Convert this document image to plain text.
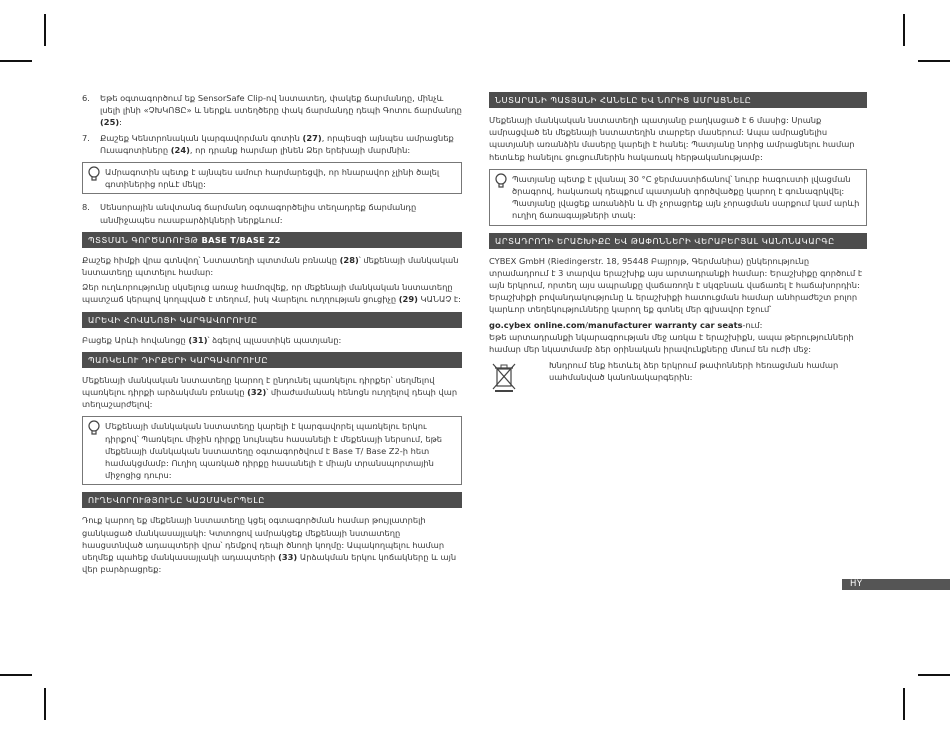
6.	Եթե օգտագործում եք SensorSafe Clip-ով նստատեղ, փակեք ճարմանդը, մինչև լսելի լինի «ՉԽԿՈՑԸ» և ներքև ստեղծերը փակ ճարմանդը դեպի Գոտու ճարմանդը (25):
7.	Քաշեք Կենտրոնական կարգավորման գոտին (27), որպեսզի այնպես ամրացնեք Ուսագոտիները (24), որ դրանք հարմար լինեն Ձեր երեխայի մարմնին:
Ամրագոտին պետք է այնպես ամուր հարմարեցվի, որ հնարավոր չլինի ծալել գոտիներից որևէ մեկը:
8.	Սենսորային անվտանգ ճարմանդ օգտագործելիս տեղադրեք ճարմանդը անմիջապես ուսաբարձիկների ներքևում:
ՊՏՏՄԱՆ ԳՈՐԾԱՌՈՒՅԹ BASE T/BASE Z2

Քաշեք հիմքի վրա գտնվող՝ Նստատեղի պտտման բռնակը (28)՝ մեքենայի մանկական նստատեղը պտտելու համար:

Ձեր ուղևորությունը սկսելուց առաջ համոզվեք, որ մեքենայի մանկական նստատեղը պատշաճ կերպով կողպված է տեղում, իսկ Վարելու ուղղության ցուցիչը (29) ԿԱՆԱՉ է:

ԱՐԵՎԻ ՀՈՎԱՆՈՑԻ ԿԱՐԳԱՎՈՐՈՒՄԸ

Բացեք Արևի հովանոցը (31)՝ ձգելով պլաստիկե պատյանը:

ՊԱՌԿԵԼՈՒ ԴԻՐՔԵՐԻ ԿԱՐԳԱՎՈՐՈՒՄԸ

Մեքենայի մանկական նստատեղը կարող է ընդունել պառկելու դիրքեր՝ սեղմելով պառկելու դիրքի արձակման բռնակը (32)՝ միաժամանակ հենոցն ուղղելով դեպի վար տեղաշարժելով:

Մեքենայի մանկական նստատեղը կարելի է կարգավորել պառկելու երկու դիրքով՝ Պառկելու միջին դիրքը նույնպես հասանելի է մեքենայի ներսում, եթե մեքենայի մանկական նստատեղը օգտագործվում է Base T/ Base Z2-ի հետ համակցմամբ: Ուղիղ պառկած դիրքը հասանելի է միայն տրանսպորտային միջոցից դուրս:
ՈՒՂԵՎՈՐՈՒԹՅՈՒՆԸ ԿԱԶՄԱԿԵՐՊԵԼԸ

Դուք կարող եք մեքենայի նստատեղը կցել օգտագործման համար թույլատրելի ցանկացած մանկասայլակի: Կտտոցով ամրակցեք մեքենայի նստատեղը հասցստնված ադապտերի վրա՝ դեմքով դեպի ծնողի կողմը: Ապակողպելու համար սեղմեք պահեք մանկասայլակի ադապտերի (33) Արձակման երկու կոճակները և այն վեր բարձրացրեք:

ՆՍՏԱՐԱՆԻ ՊԱՏՅԱՆԻ ՀԱՆԵԼԸ ԵՎ ՆՈՐԻՑ ԱՄՐԱՑՆԵԼԸ

Մեքենայի մանկական նստատեղի պատյանը բաղկացած է 6 մասից: Սրանք ամրացված են մեքենայի նստատեղին տարբեր մասերում: Ապա ամրացնելիս պատյանի առանձին մասերը կարելի է հանել: Պատյանը նորից ամրացնելու համար հետևեք հանելու ցուցումներին հակառակ հերթականությամբ:

Պատյանը պետք է լվանալ 30 °C ջերմաստիճանով՝ նուրբ հագուստի լվացման ծրագրով, հակառակ դեպքում պատյանի գործվածքը կարող է գունազրկվել: Պատյանը լվացեք առանձին և մի չորացրեք այն չորացման սարքում կամ արևի ուղիղ ճառագայթների տակ:
ԱՐՏԱԴՐՈՂԻ ԵՐԱՇԽԻՔԸ ԵՎ ԹԱՓՈՆՆԵՐԻ ՎԵՐԱԲԵՐՅԱԼ ԿԱՆՈՆԱԿԱՐԳԸ

CYBEX GmbH (Riedingerstr. 18, 95448 Բայրոյթ, Գերմանիա) ընկերությունը տրամադրում է 3 տարվա երաշխիք այս արտադրանքի համար: Երաշխիքը գործում է այն երկրում, որտեղ այս ապրանքը վաճառողն է սկզբնաև վաճառել է հաճախորդին: Երաշխիքի բովանդակությունը և երաշխիքի հատուցման համար անհրաժեշտ բոլոր կարևոր տեղեկությունները կարող եք գտնել մեր գլխավոր էջում՝

go.cybex online.com/manufacturer warranty car seats-ում:

Եթե արտադրանքի նկարագրության մեջ առկա է երաշխիքն, ապա թերությունների համար մեր նկատմամբ ձեր օրինական իրավունքները մնում են ուժի մեջ:

Խնդրում ենք հետևել ձեր երկրում թափոնների հեռացման համար սահմանված կանոնակարգերին:
HY
